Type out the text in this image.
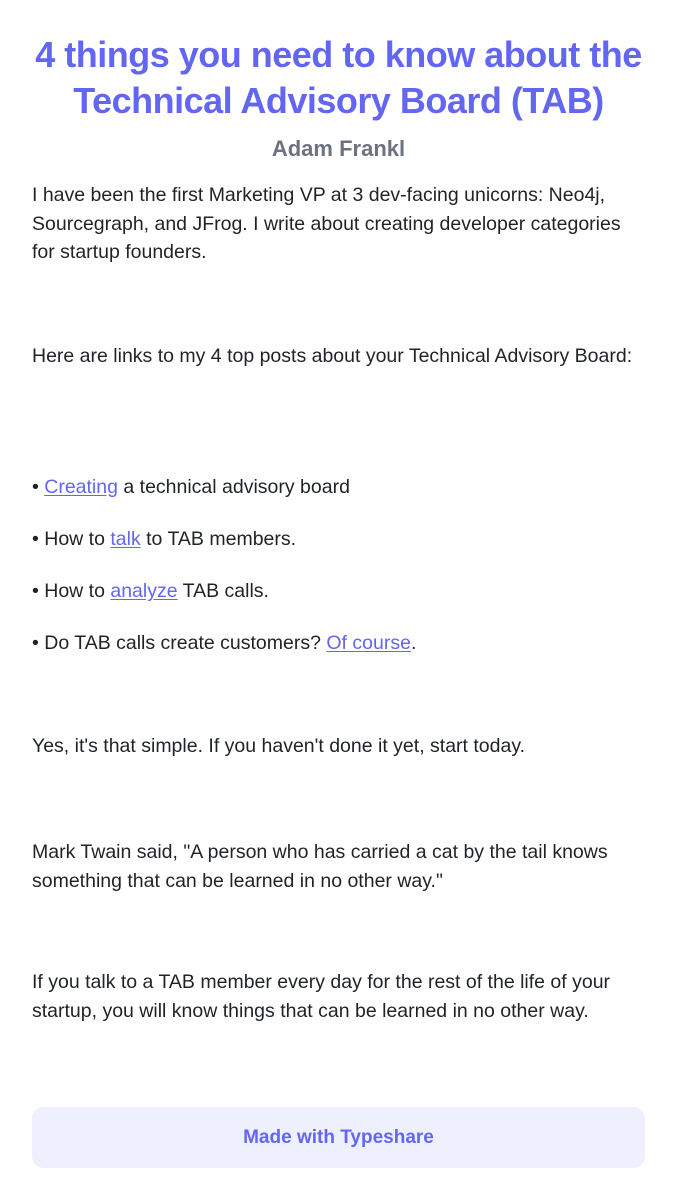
4 things you need to know about the Technical Advisory Board (TAB)
Adam Frankl

I have been the first Marketing VP at 3 dev-facing unicorns: Neo4j, Sourcegraph, and JFrog. I write about creating developer categories for startup founders.

Here are links to my 4 top posts about your Technical Advisory Board:

• Creating a technical advisory board
• How to talk to TAB members.
• How to analyze TAB calls.
• Do TAB calls create customers? Of course.

Yes, it's that simple. If you haven't done it yet, start today.

Mark Twain said, "A person who has carried a cat by the tail knows something that can be learned in no other way."

If you talk to a TAB member every day for the rest of the life of your startup, you will know things that can be learned in no other way.

Made with Typeshare
